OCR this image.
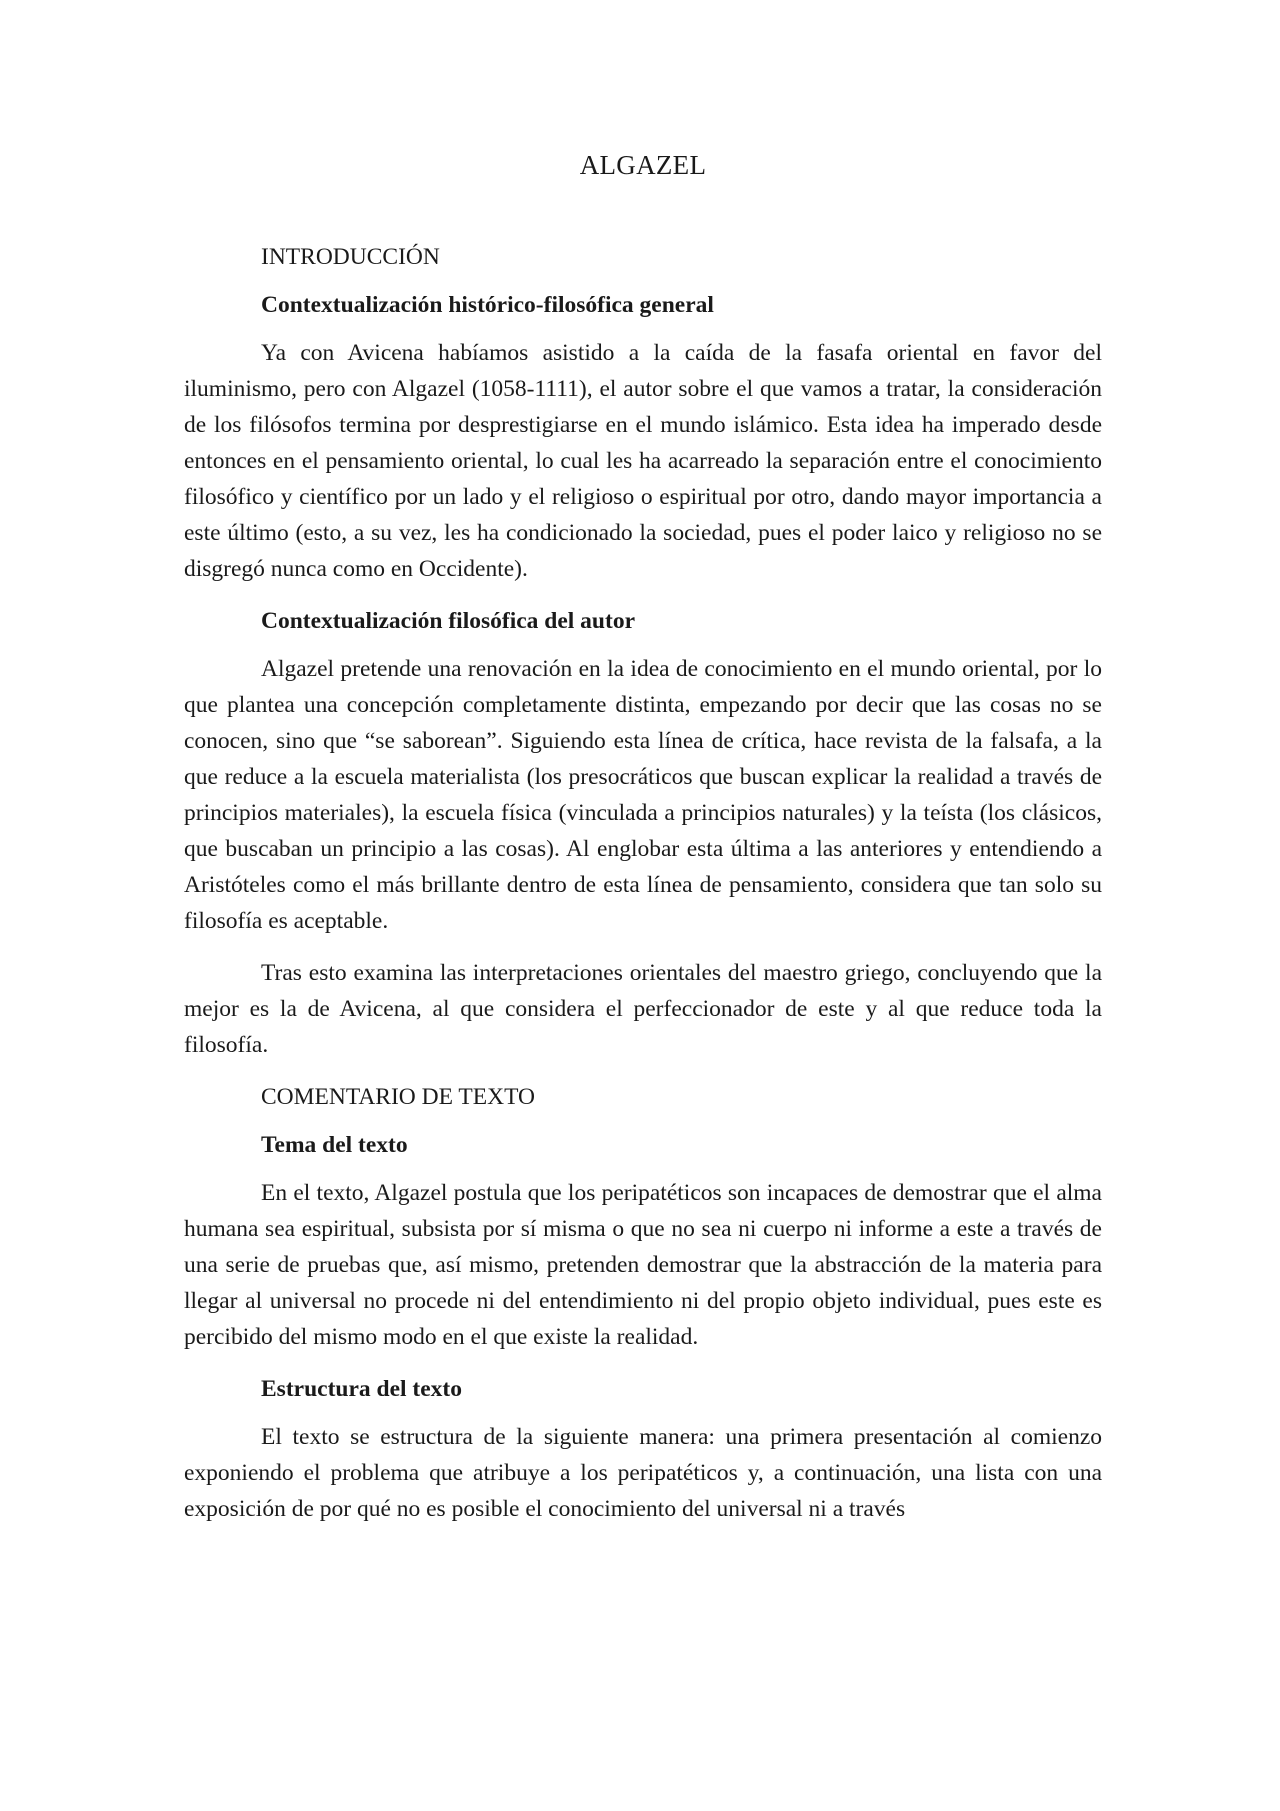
ALGAZEL
INTRODUCCIÓN
Contextualización histórico-filosófica general

Ya con Avicena habíamos asistido a la caída de la fasafa oriental en favor del iluminismo, pero con Algazel (1058-1111), el autor sobre el que vamos a tratar, la consideración de los filósofos termina por desprestigiarse en el mundo islámico. Esta idea ha imperado desde entonces en el pensamiento oriental, lo cual les ha acarreado la separación entre el conocimiento filosófico y científico por un lado y el religioso o espiritual por otro, dando mayor importancia a este último (esto, a su vez, les ha condicionado la sociedad, pues el poder laico y religioso no se disgregó nunca como en Occidente).

Contextualización filosófica del autor

Algazel pretende una renovación en la idea de conocimiento en el mundo oriental, por lo que plantea una concepción completamente distinta, empezando por decir que las cosas no se conocen, sino que “se saborean”. Siguiendo esta línea de crítica, hace revista de la falsafa, a la que reduce a la escuela materialista (los presocráticos que buscan explicar la realidad a través de principios materiales), la escuela física (vinculada a principios naturales) y la teísta (los clásicos, que buscaban un principio a las cosas). Al englobar esta última a las anteriores y entendiendo a Aristóteles como el más brillante dentro de esta línea de pensamiento, considera que tan solo su filosofía es aceptable.

Tras esto examina las interpretaciones orientales del maestro griego, concluyendo que la mejor es la de Avicena, al que considera el perfeccionador de este y al que reduce toda la filosofía.

COMENTARIO DE TEXTO
Tema del texto

En el texto, Algazel postula que los peripatéticos son incapaces de demostrar que el alma humana sea espiritual, subsista por sí misma o que no sea ni cuerpo ni informe a este a través de una serie de pruebas que, así mismo, pretenden demostrar que la abstracción de la materia para llegar al universal no procede ni del entendimiento ni del propio objeto individual, pues este es percibido del mismo modo en el que existe la realidad.

Estructura del texto

El texto se estructura de la siguiente manera: una primera presentación al comienzo exponiendo el problema que atribuye a los peripatéticos y, a continuación, una lista con una exposición de por qué no es posible el conocimiento del universal ni a través
